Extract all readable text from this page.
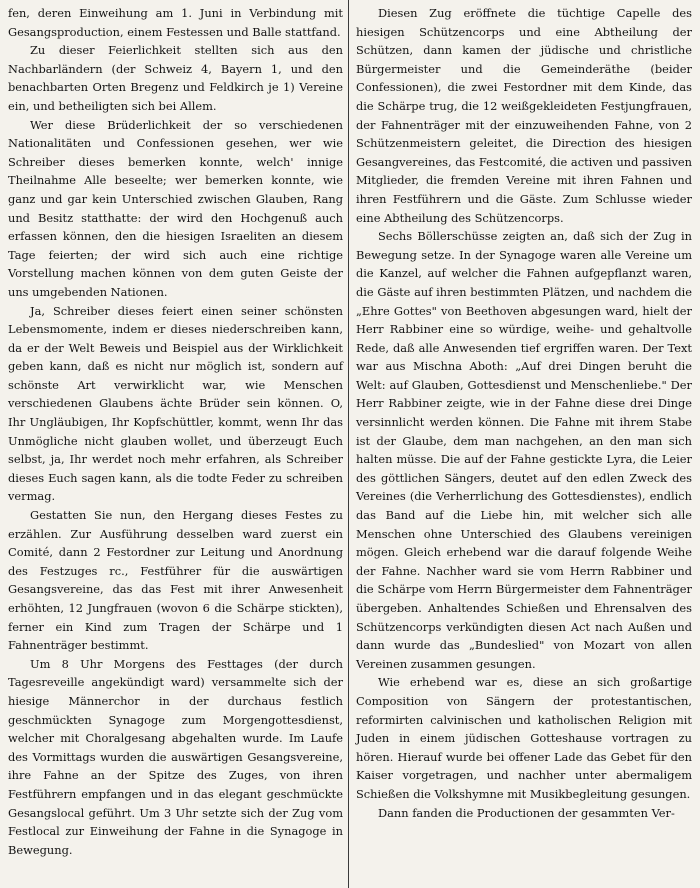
fen, deren Einweihung am 1. Juni in Verbindung mit Gesangsproduction, einem Festessen und Balle stattfand.

Zu dieser Feierlichkeit stellten sich aus den Nachbarländern (der Schweiz 4, Bayern 1, und den benachbarten Orten Bregenz und Feldkirch je 1) Vereine ein, und betheiligten sich bei Allem.

Wer diese Brüderlichkeit der so verschiedenen Nationalitäten und Confessionen gesehen, wer wie Schreiber dieses bemerken konnte, welch' innige Theilnahme Alle beseelte; wer bemerken konnte, wie ganz und gar kein Unterschied zwischen Glauben, Rang und Besitz statthatte: der wird den Hochgenuß auch erfassen können, den die hiesigen Israeliten an diesem Tage feierten; der wird sich auch eine richtige Vorstellung machen können von dem guten Geiste der uns umgebenden Nationen.

Ja, Schreiber dieses feiert einen seiner schönsten Lebensmomente, indem er dieses niederschreiben kann, da er der Welt Beweis und Beispiel aus der Wirklichkeit geben kann, daß es nicht nur möglich ist, sondern auf schönste Art verwirklicht war, wie Menschen verschiedenen Glaubens ächte Brüder sein können. O, Ihr Ungläubigen, Ihr Kopfschüttler, kommt, wenn Ihr das Unmögliche nicht glauben wollet, und überzeugt Euch selbst, ja, Ihr werdet noch mehr erfahren, als Schreiber dieses Euch sagen kann, als die todte Feder zu schreiben vermag.

Gestatten Sie nun, den Hergang dieses Festes zu erzählen. Zur Ausführung desselben ward zuerst ein Comité, dann 2 Festordner zur Leitung und Anordnung des Festzuges rc., Festführer für die auswärtigen Gesangsvereine, das das Fest mit ihrer Anwesenheit erhöhten, 12 Jungfrauen (wovon 6 die Schärpe stickten), ferner ein Kind zum Tragen der Schärpe und 1 Fahnenträger bestimmt.

Um 8 Uhr Morgens des Festtages (der durch Tagesreveille angekündigt ward) versammelte sich der hiesige Männerchor in der durchaus festlich geschmückten Synagoge zum Morgengottesdienst, welcher mit Choralgesang abgehalten wurde. Im Laufe des Vormittags wurden die auswärtigen Gesangsvereine, ihre Fahne an der Spitze des Zuges, von ihren Festführern empfangen und in das elegant geschmückte Gesangslocal geführt. Um 3 Uhr setzte sich der Zug vom Festlocal zur Einweihung der Fahne in die Synagoge in Bewegung.

Diesen Zug eröffnete die tüchtige Capelle des hiesigen Schützencorps und eine Abtheilung der Schützen, dann kamen der jüdische und christliche Bürgermeister und die Gemeinderäthe (beider Confessionen), die zwei Festordner mit dem Kinde, das die Schärpe trug, die 12 weißgekleideten Festjungfrauen, der Fahnenträger mit der einzuweihenden Fahne, von 2 Schützenmeistern geleitet, die Direction des hiesigen Gesangvereines, das Festcomité, die activen und passiven Mitglieder, die fremden Vereine mit ihren Fahnen und ihren Festführern und die Gäste. Zum Schlusse wieder eine Abtheilung des Schützencorps.

Sechs Böllerschüsse zeigten an, daß sich der Zug in Bewegung setze. In der Synagoge waren alle Vereine um die Kanzel, auf welcher die Fahnen aufgepflanzt waren, die Gäste auf ihren bestimmten Plätzen, und nachdem die „Ehre Gottes" von Beethoven abgesungen ward, hielt der Herr Rabbiner eine so würdige, weihe- und gehaltvolle Rede, daß alle Anwesenden tief ergriffen waren. Der Text war aus Mischna Aboth: „Auf drei Dingen beruht die Welt: auf Glauben, Gottesdienst und Menschenliebe." Der Herr Rabbiner zeigte, wie in der Fahne diese drei Dinge versinnlicht werden können. Die Fahne mit ihrem Stabe ist der Glaube, dem man nachgehen, an den man sich halten müsse. Die auf der Fahne gestickte Lyra, die Leier des göttlichen Sängers, deutet auf den edlen Zweck des Vereines (die Verherrlichung des Gottesdienstes), endlich das Band auf die Liebe hin, mit welcher sich alle Menschen ohne Unterschied des Glaubens vereinigen mögen. Gleich erhebend war die darauf folgende Weihe der Fahne. Nachher ward sie vom Herrn Rabbiner und die Schärpe vom Herrn Bürgermeister dem Fahnenträger übergeben. Anhaltendes Schießen und Ehrensalven des Schützencorps verkündigten diesen Act nach Außen und dann wurde das „Bundeslied" von Mozart von allen Vereinen zusammen gesungen.

Wie erhebend war es, diese an sich großartige Composition von Sängern der protestantischen, reformirten calvinischen und katholischen Religion mit Juden in einem jüdischen Gotteshause vortragen zu hören. Hierauf wurde bei offener Lade das Gebet für den Kaiser vorgetragen, und nachher unter abermaligem Schießen die Volkshymne mit Musikbegleitung gesungen.

Dann fanden die Productionen der gesammten Ver-
